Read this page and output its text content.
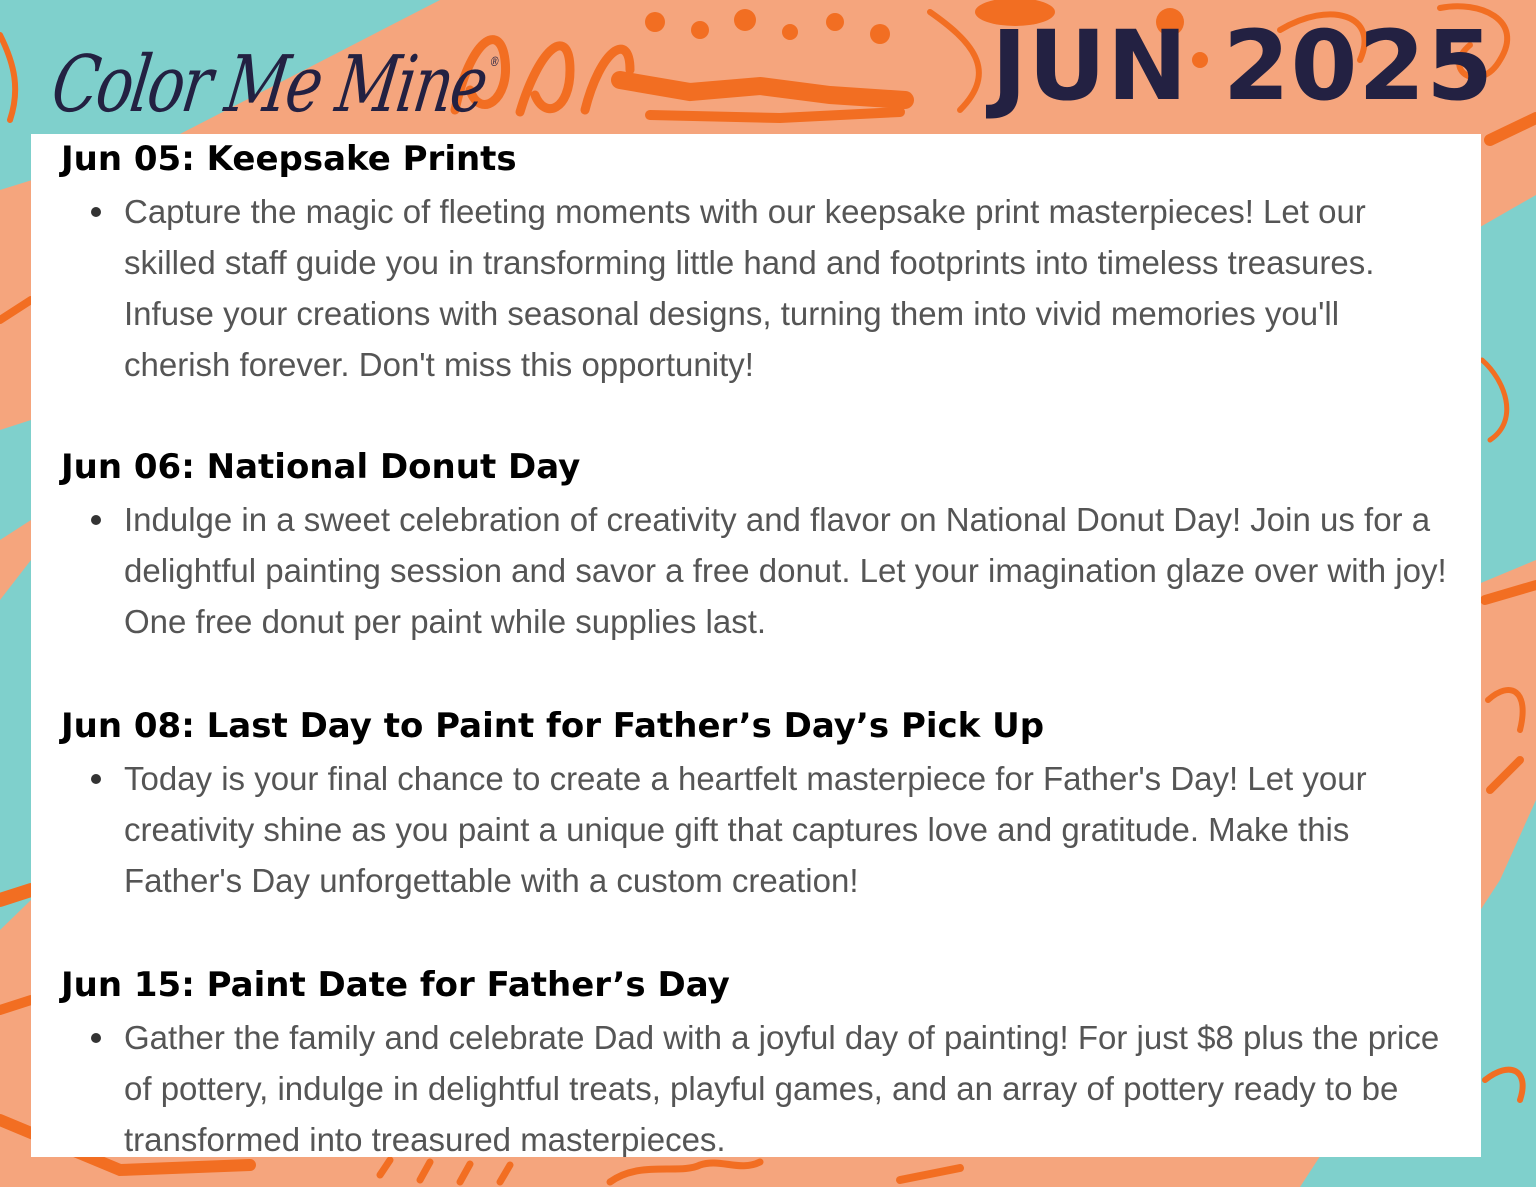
Color Me Mine®	JUN 2025
Jun 05: Keepsake Prints
Capture the magic of fleeting moments with our keepsake print masterpieces! Let our skilled staff guide you in transforming little hand and footprints into timeless treasures. Infuse your creations with seasonal designs, turning them into vivid memories you'll cherish forever. Don't miss this opportunity!
Jun 06: National Donut Day
Indulge in a sweet celebration of creativity and flavor on National Donut Day! Join us for a delightful painting session and savor a free donut. Let your imagination glaze over with joy! One free donut per paint while supplies last.
Jun 08: Last Day to Paint for Father’s Day’s Pick Up
Today is your final chance to create a heartfelt masterpiece for Father's Day! Let your creativity shine as you paint a unique gift that captures love and gratitude. Make this Father's Day unforgettable with a custom creation!
Jun 15: Paint Date for Father’s Day
Gather the family and celebrate Dad with a joyful day of painting! For just $8 plus the price of pottery, indulge in delightful treats, playful games, and an array of pottery ready to be transformed into treasured masterpieces.
